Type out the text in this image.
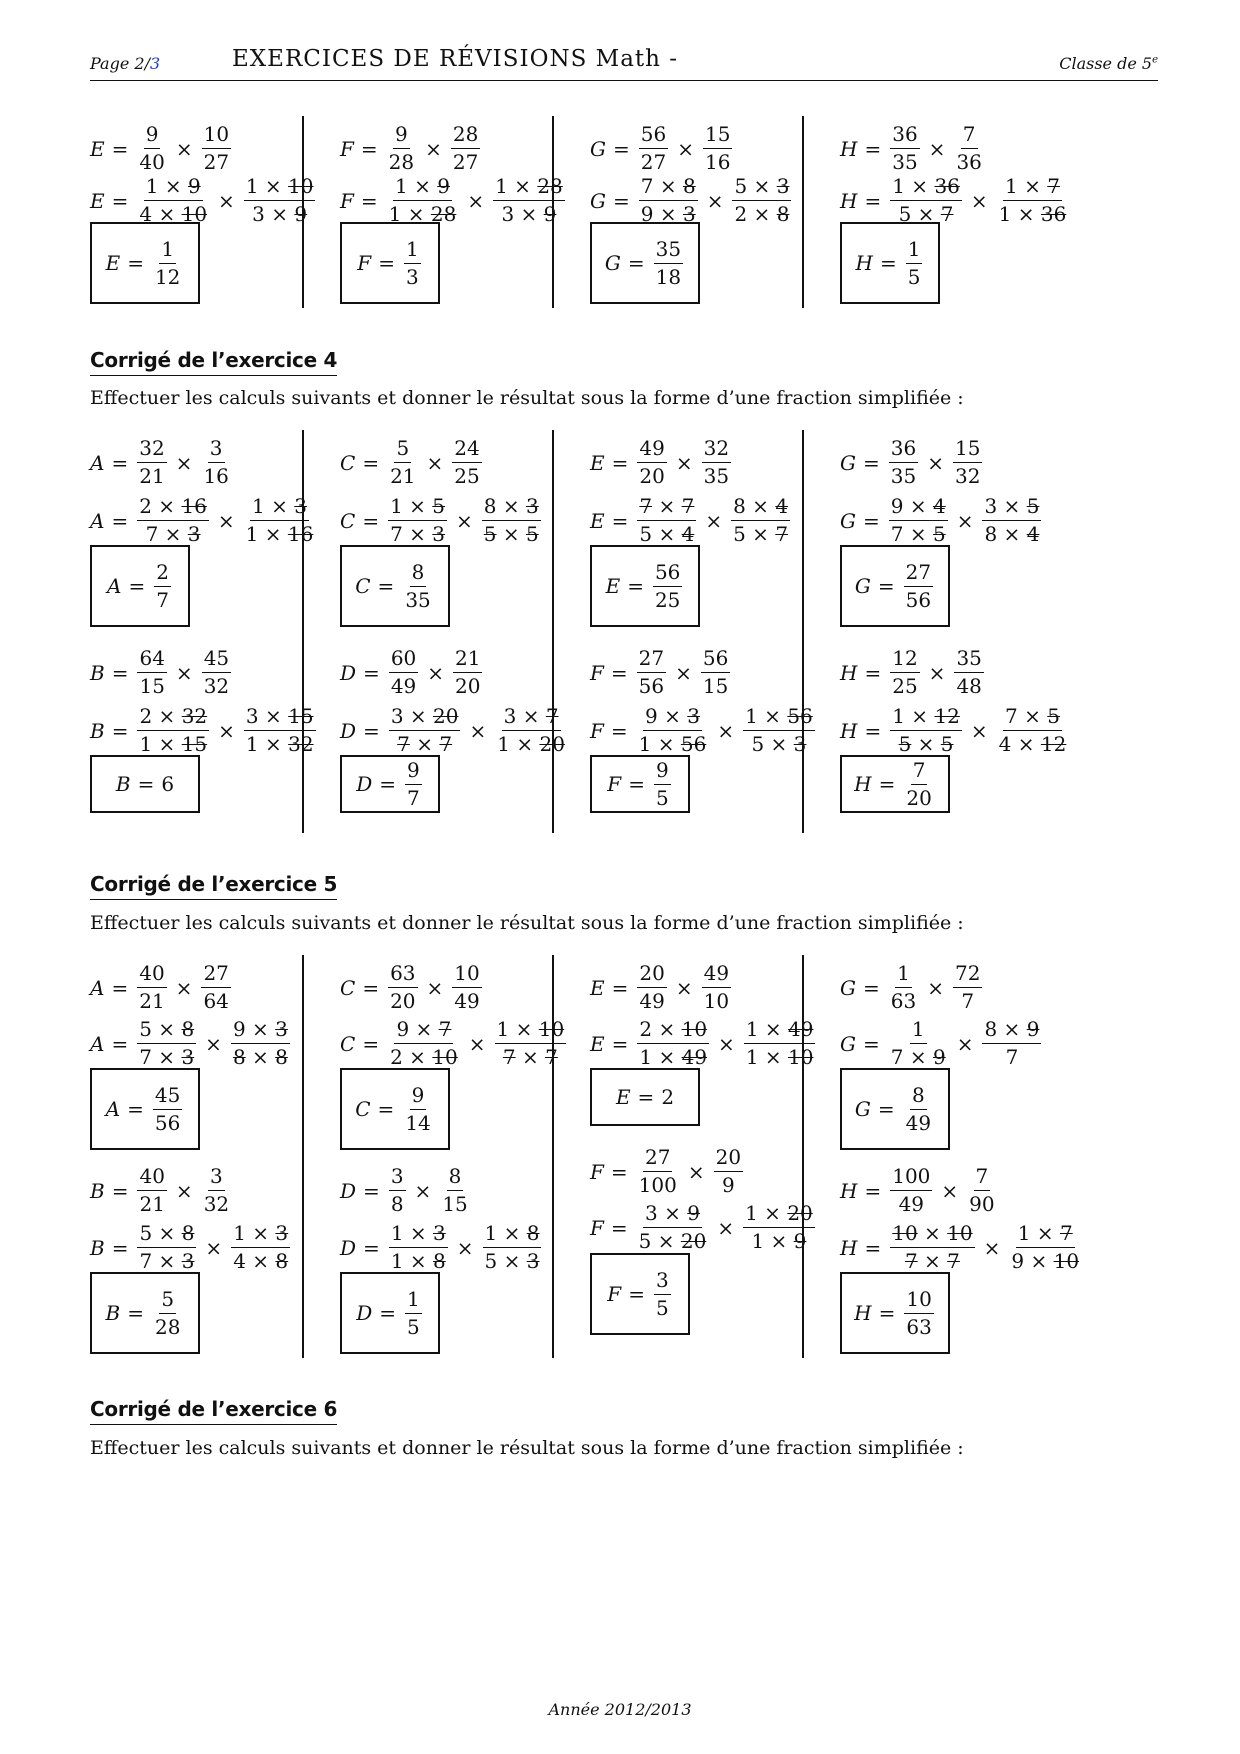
Page 2/3	EXERCICES DE RÉVISIONS Math -	Classe de 5e
$E = \frac{9}{40} \times \frac{10}{27}$
$E = \frac{1 \times 9}{4 \times 10} \times \frac{1 \times 10}{3 \times 9}$
$E = \frac{1}{12}$
$F = \frac{9}{28} \times \frac{28}{27}$
$F = \frac{1 \times 9}{1 \times 28} \times \frac{1 \times 28}{3 \times 9}$
$F = \frac{1}{3}$
$G = \frac{56}{27} \times \frac{15}{16}$
$G = \frac{7 \times 8}{9 \times 3} \times \frac{5 \times 3}{2 \times 8}$
$G = \frac{35}{18}$
$H = \frac{36}{35} \times \frac{7}{36}$
$H = \frac{1 \times 36}{5 \times 7} \times \frac{1 \times 7}{1 \times 36}$
$H = \frac{1}{5}$
Corrigé de l’exercice 4
Effectuer les calculs suivants et donner le résultat sous la forme d’une fraction simplifiée :
$A = \frac{32}{21} \times \frac{3}{16}$
$A = \frac{2 \times 16}{7 \times 3} \times \frac{1 \times 3}{1 \times 16}$
$A = \frac{2}{7}$
$B = \frac{64}{15} \times \frac{45}{32}$
$B = \frac{2 \times 32}{1 \times 15} \times \frac{3 \times 15}{1 \times 32}$
B = 6
$C = \frac{5}{21} \times \frac{24}{25}$
$C = \frac{1 \times 5}{7 \times 3} \times \frac{8 \times 3}{5 \times 5}$
$C = \frac{8}{35}$
$D = \frac{60}{49} \times \frac{21}{20}$
$D = \frac{3 \times 20}{7 \times 7} \times \frac{3 \times 7}{1 \times 20}$
$D = \frac{9}{7}$
$E = \frac{49}{20} \times \frac{32}{35}$
$E = \frac{7 \times 7}{5 \times 4} \times \frac{8 \times 4}{5 \times 7}$
$E = \frac{56}{25}$
$F = \frac{27}{56} \times \frac{56}{15}$
$F = \frac{9 \times 3}{1 \times 56} \times \frac{1 \times 56}{5 \times 3}$
$F = \frac{9}{5}$
$G = \frac{36}{35} \times \frac{15}{32}$
$G = \frac{9 \times 4}{7 \times 5} \times \frac{3 \times 5}{8 \times 4}$
$G = \frac{27}{56}$
$H = \frac{12}{25} \times \frac{35}{48}$
$H = \frac{1 \times 12}{5 \times 5} \times \frac{7 \times 5}{4 \times 12}$
$H = \frac{7}{20}$
Corrigé de l’exercice 5
Effectuer les calculs suivants et donner le résultat sous la forme d’une fraction simplifiée :
$A = \frac{40}{21} \times \frac{27}{64}$
$A = \frac{5 \times 8}{7 \times 3} \times \frac{9 \times 3}{8 \times 8}$
$A = \frac{45}{56}$
$B = \frac{40}{21} \times \frac{3}{32}$
$B = \frac{5 \times 8}{7 \times 3} \times \frac{1 \times 3}{4 \times 8}$
$B = \frac{5}{28}$
$C = \frac{63}{20} \times \frac{10}{49}$
$C = \frac{9 \times 7}{2 \times 10} \times \frac{1 \times 10}{7 \times 7}$
$C = \frac{9}{14}$
$D = \frac{3}{8} \times \frac{8}{15}$
$D = \frac{1 \times 3}{1 \times 8} \times \frac{1 \times 8}{5 \times 3}$
$D = \frac{1}{5}$
$E = \frac{20}{49} \times \frac{49}{10}$
$E = \frac{2 \times 10}{1 \times 49} \times \frac{1 \times 49}{1 \times 10}$
E = 2
$F = \frac{27}{100} \times \frac{20}{9}$
$F = \frac{3 \times 9}{5 \times 20} \times \frac{1 \times 20}{1 \times 9}$
$F = \frac{3}{5}$
$G = \frac{1}{63} \times \frac{72}{7}$
$G = \frac{1}{7 \times 9} \times \frac{8 \times 9}{7}$
$G = \frac{8}{49}$
$H = \frac{100}{49} \times \frac{7}{90}$
$H = \frac{10 \times 10}{7 \times 7} \times \frac{1 \times 7}{9 \times 10}$
$H = \frac{10}{63}$
Corrigé de l’exercice 6
Effectuer les calculs suivants et donner le résultat sous la forme d’une fraction simplifiée :
Année 2012/2013
